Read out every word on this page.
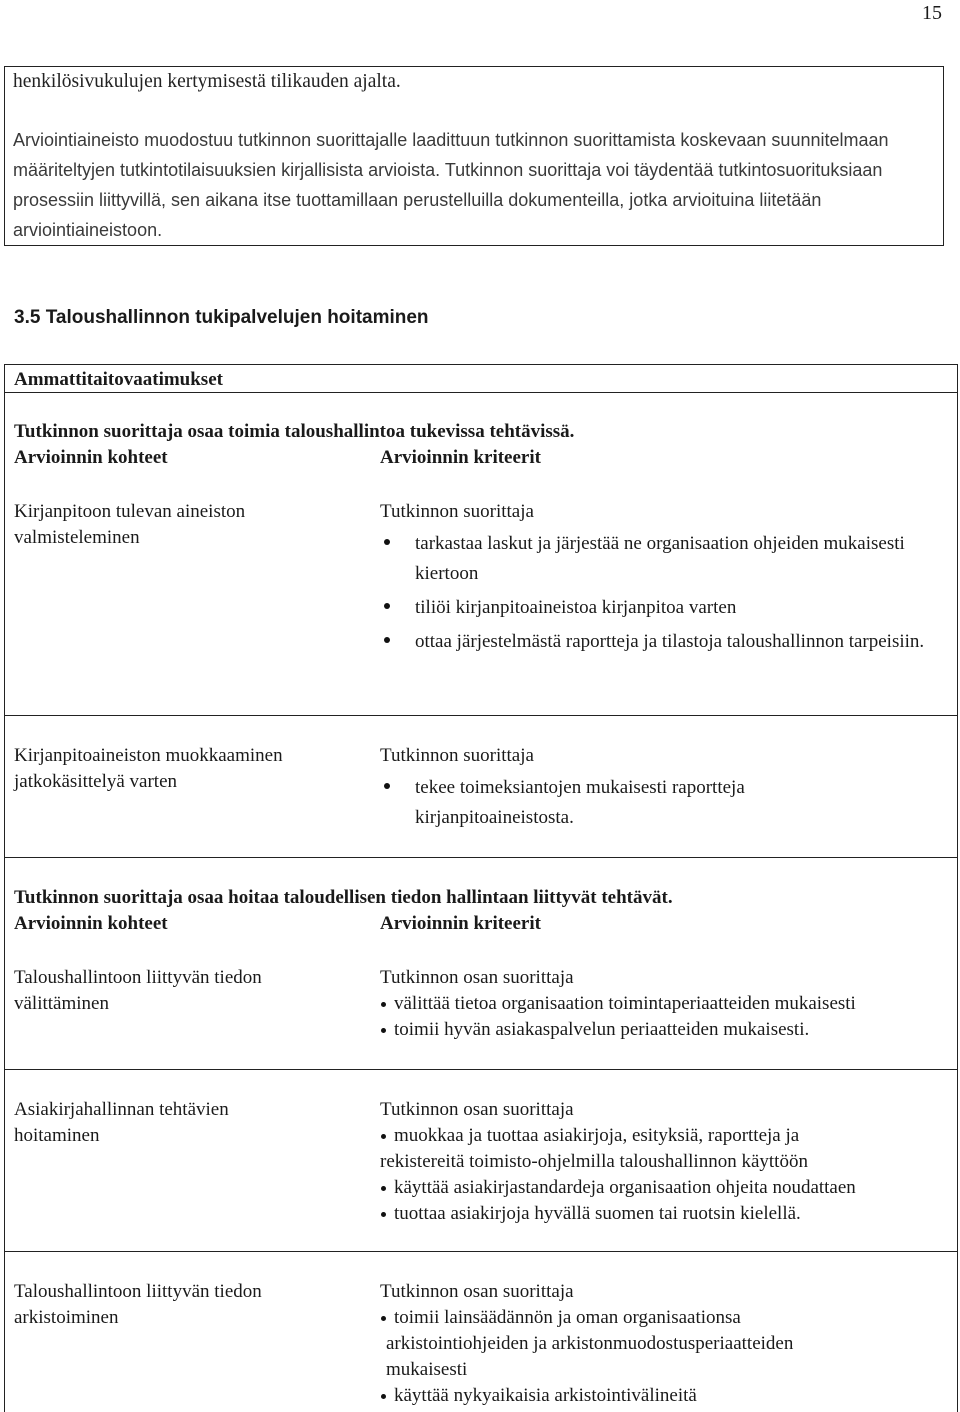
15

henkilösivukulujen kertymisestä tilikauden ajalta.

Arviointiaineisto muodostuu tutkinnon suorittajalle laadittuun tutkinnon suorittamista koskevaan suunnitelmaan määriteltyjen tutkintotilaisuuksien kirjallisista arvioista. Tutkinnon suorittaja voi täydentää tutkintosuorituksiaan prosessiin liittyvillä, sen aikana itse tuottamillaan perustelluilla dokumenteilla, jotka arvioituina liitetään arviointiaineistoon.

3.5 Taloushallinnon tukipalvelujen hoitaminen
Ammattitaitovaatimukset
Tutkinnon suorittaja osaa toimia taloushallintoa tukevissa tehtävissä.
Arvioinnin kohteet	Arvioinnin kriteerit
Kirjanpitoon tulevan aineiston valmisteleminen
Tutkinnon suorittaja
tarkastaa laskut ja järjestää ne organisaation ohjeiden mukaisesti kiertoon
tiliöi kirjanpitoaineistoa kirjanpitoa varten
ottaa järjestelmästä raportteja ja tilastoja taloushallinnon tarpeisiin.
Kirjanpitoaineiston muokkaaminen jatkokäsittelyä varten
Tutkinnon suorittaja
tekee toimeksiantojen mukaisesti raportteja kirjanpitoaineistosta.
Tutkinnon suorittaja osaa hoitaa taloudellisen tiedon hallintaan liittyvät tehtävät.
Arvioinnin kohteet	Arvioinnin kriteerit
Taloushallintoon liittyvän tiedon välittäminen
Tutkinnon osan suorittaja
välittää tietoa organisaation toimintaperiaatteiden mukaisesti
toimii hyvän asiakaspalvelun periaatteiden mukaisesti.
Asiakirjahallinnan tehtävien hoitaminen
Tutkinnon osan suorittaja
muokkaa ja tuottaa asiakirjoja, esityksiä, raportteja ja
rekistereitä toimisto-ohjelmilla taloushallinnon käyttöön
käyttää asiakirjastandardeja organisaation ohjeita noudattaen
tuottaa asiakirjoja hyvällä suomen tai ruotsin kielellä.
Taloushallintoon liittyvän tiedon arkistoiminen
Tutkinnon osan suorittaja
toimii lainsäädännön ja oman organisaationsa
arkistointiohjeiden ja arkistonmuodostusperiaatteiden
mukaisesti
käyttää nykyaikaisia arkistointivälineitä
